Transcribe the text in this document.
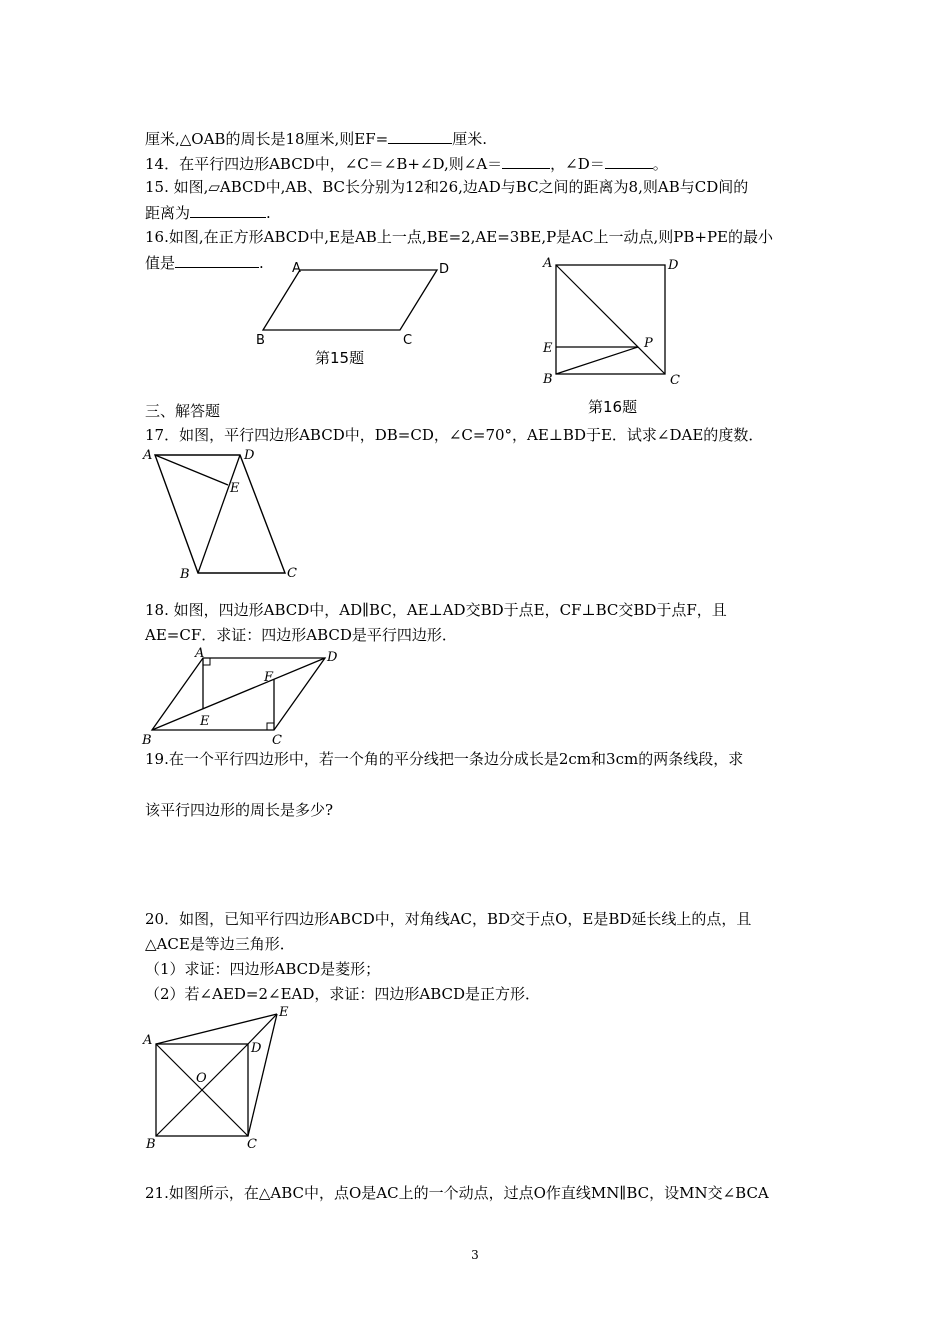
厘米,△OAB的周长是18厘米,则EF=	厘米.
14．在平行四边形ABCD中，∠C＝∠B+∠D,则∠A＝	，∠D＝	。
15. 如图,▱ABCD中,AB、BC长分别为12和26,边AD与BC之间的距离为8,则AB与CD间的
距离为	.
16.如图,在正方形ABCD中,E是AB上一点,BE=2,AE=3BE,P是AC上一动点,则PB+PE的最小
值是	. A	D
B	C
第15题
A	D
E	P
B	C
第16题
三、解答题
17．如图，平行四边形ABCD中，DB=CD，∠C=70°，AE⊥BD于E．试求∠DAE的度数．
A	D
E
B	C
18. 如图，四边形ABCD中，AD∥BC，AE⊥AD交BD于点E，CF⊥BC交BD于点F，且
AE=CF．求证：四边形ABCD是平行四边形．
A	D
F
E
B	C
19.在一个平行四边形中，若一个角的平分线把一条边分成长是2cm和3cm的两条线段，求
该平行四边形的周长是多少?
20．如图，已知平行四边形ABCD中，对角线AC，BD交于点O，E是BD延长线上的点，且
△ACE是等边三角形．
（1）求证：四边形ABCD是菱形；
（2）若∠AED=2∠EAD，求证：四边形ABCD是正方形．
A
E
D
O
B	C
21.如图所示，在△ABC中，点O是AC上的一个动点，过点O作直线MN∥BC，设MN交∠BCA
3
